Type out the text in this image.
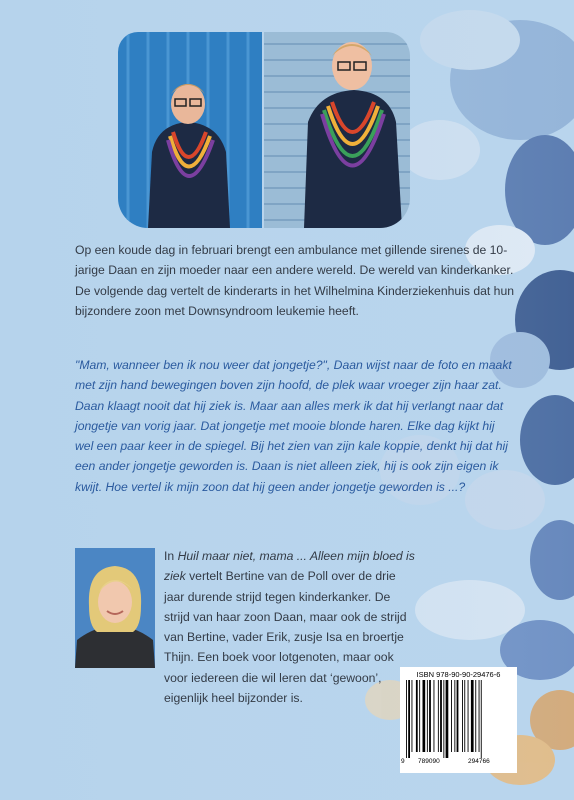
Op een koude dag in februari brengt een ambulance met gillende sirenes de 10-jarige Daan en zijn moeder naar een andere wereld. De wereld van kinderkanker. De volgende dag vertelt de kinderarts in het Wilhelmina Kinderziekenhuis dat hun bijzondere zoon met Downsyndroom leukemie heeft.
"Mam, wanneer ben ik nou weer dat jongetje?", Daan wijst naar de foto en maakt met zijn hand bewegingen boven zijn hoofd, de plek waar vroeger zijn haar zat. Daan klaagt nooit dat hij ziek is. Maar aan alles merk ik dat hij verlangt naar dat jongetje van vorig jaar. Dat jongetje met mooie blonde haren. Elke dag kijkt hij wel een paar keer in de spiegel. Bij het zien van zijn kale koppie, denkt hij dat hij een ander jongetje geworden is. Daan is niet alleen ziek, hij is ook zijn eigen ik kwijt. Hoe vertel ik mijn zoon dat hij geen ander jongetje geworden is ...?
In Huil maar niet, mama ... Alleen mijn bloed is ziek vertelt Bertine van de Poll over de drie jaar durende strijd tegen kinderkanker. De strijd van haar zoon Daan, maar ook de strijd van Bertine, vader Erik, zusje Isa en broertje Thijn. Een boek voor lotgenoten, maar ook voor iedereen die wil leren dat ‘gewoon’, eigenlijk heel bijzonder is.
ISBN 978-90-90-29476-6
9 789090	294766
